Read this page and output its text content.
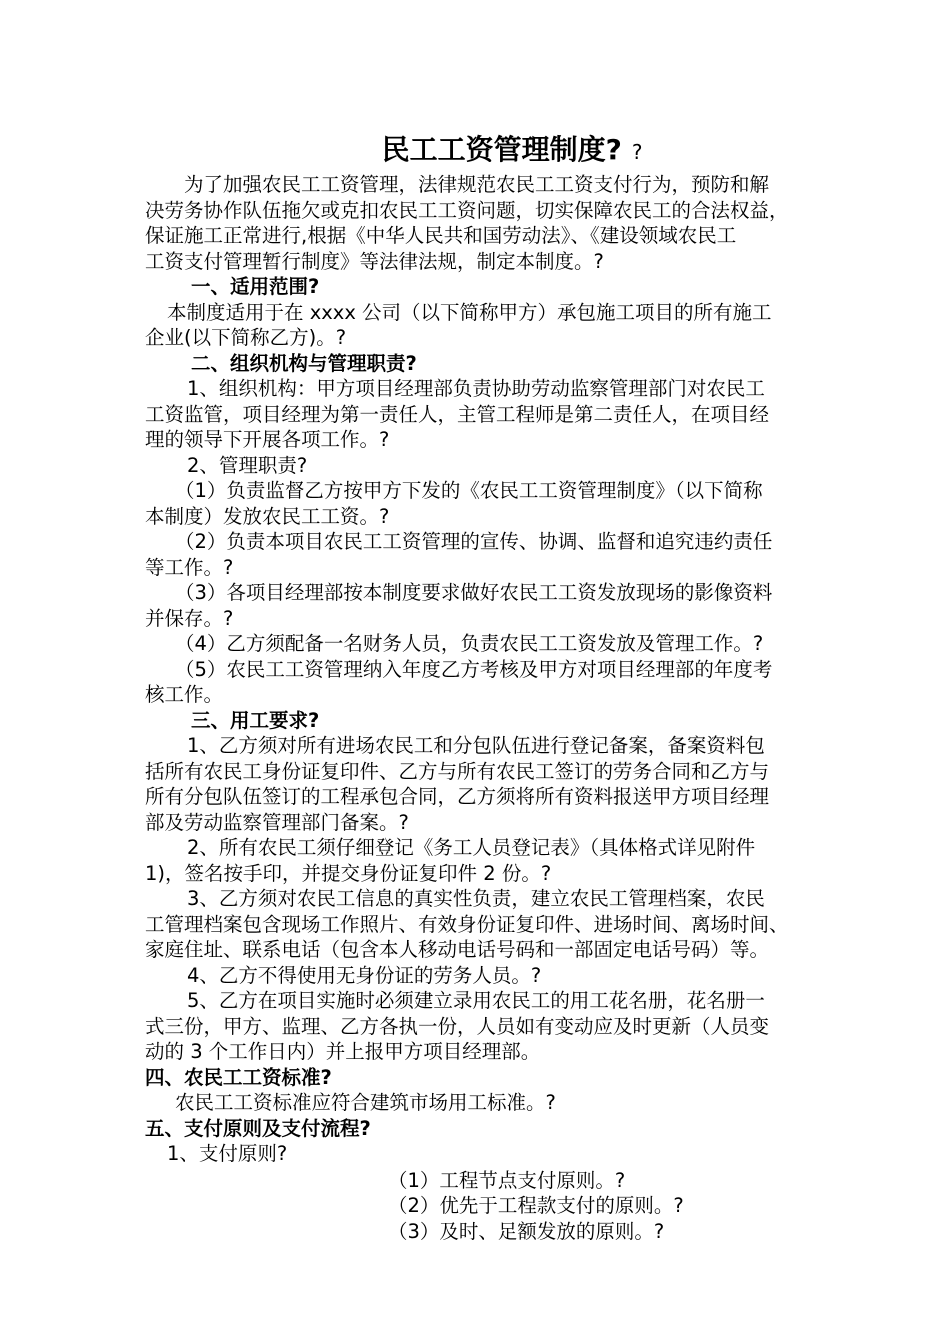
民工工资管理制度? ?

为了加强农民工工资管理，法律规范农民工工资支付行为，预防和解

决劳务协作队伍拖欠或克扣农民工工资问题，切实保障农民工的合法权益，

保证施工正常进行,根据《中华人民共和国劳动法》、《建设领域农民工

工资支付管理暂行制度》等法律法规，制定本制度。?

一、适用范围?

本制度适用于在 xxxx 公司（以下简称甲方）承包施工项目的所有施工

企业(以下简称乙方)。?

二、组织机构与管理职责?

1、组织机构：甲方项目经理部负责协助劳动监察管理部门对农民工

工资监管，项目经理为第一责任人，主管工程师是第二责任人，在项目经

理的领导下开展各项工作。?

2、管理职责?

（1）负责监督乙方按甲方下发的《农民工工资管理制度》（以下简称

本制度）发放农民工工资。?

（2）负责本项目农民工工资管理的宣传、协调、监督和追究违约责任

等工作。?

（3）各项目经理部按本制度要求做好农民工工资发放现场的影像资料

并保存。?

（4）乙方须配备一名财务人员，负责农民工工资发放及管理工作。?

（5）农民工工资管理纳入年度乙方考核及甲方对项目经理部的年度考

核工作。

三、用工要求?

1、乙方须对所有进场农民工和分包队伍进行登记备案，备案资料包

括所有农民工身份证复印件、乙方与所有农民工签订的劳务合同和乙方与

所有分包队伍签订的工程承包合同，乙方须将所有资料报送甲方项目经理

部及劳动监察管理部门备案。?

2、所有农民工须仔细登记《务工人员登记表》（具体格式详见附件

1)，签名按手印，并提交身份证复印件 2 份。?

3、乙方须对农民工信息的真实性负责，建立农民工管理档案，农民

工管理档案包含现场工作照片、有效身份证复印件、进场时间、离场时间、

家庭住址、联系电话（包含本人移动电话号码和一部固定电话号码）等。

4、乙方不得使用无身份证的劳务人员。?

5、乙方在项目实施时必须建立录用农民工的用工花名册，花名册一

式三份，甲方、监理、乙方各执一份，人员如有变动应及时更新（人员变

动的 3 个工作日内）并上报甲方项目经理部。

四、农民工工资标准?

农民工工资标准应符合建筑市场用工标准。?

五、支付原则及支付流程?

1、支付原则?

（1）工程节点支付原则。?

（2）优先于工程款支付的原则。?

（3）及时、足额发放的原则。?
